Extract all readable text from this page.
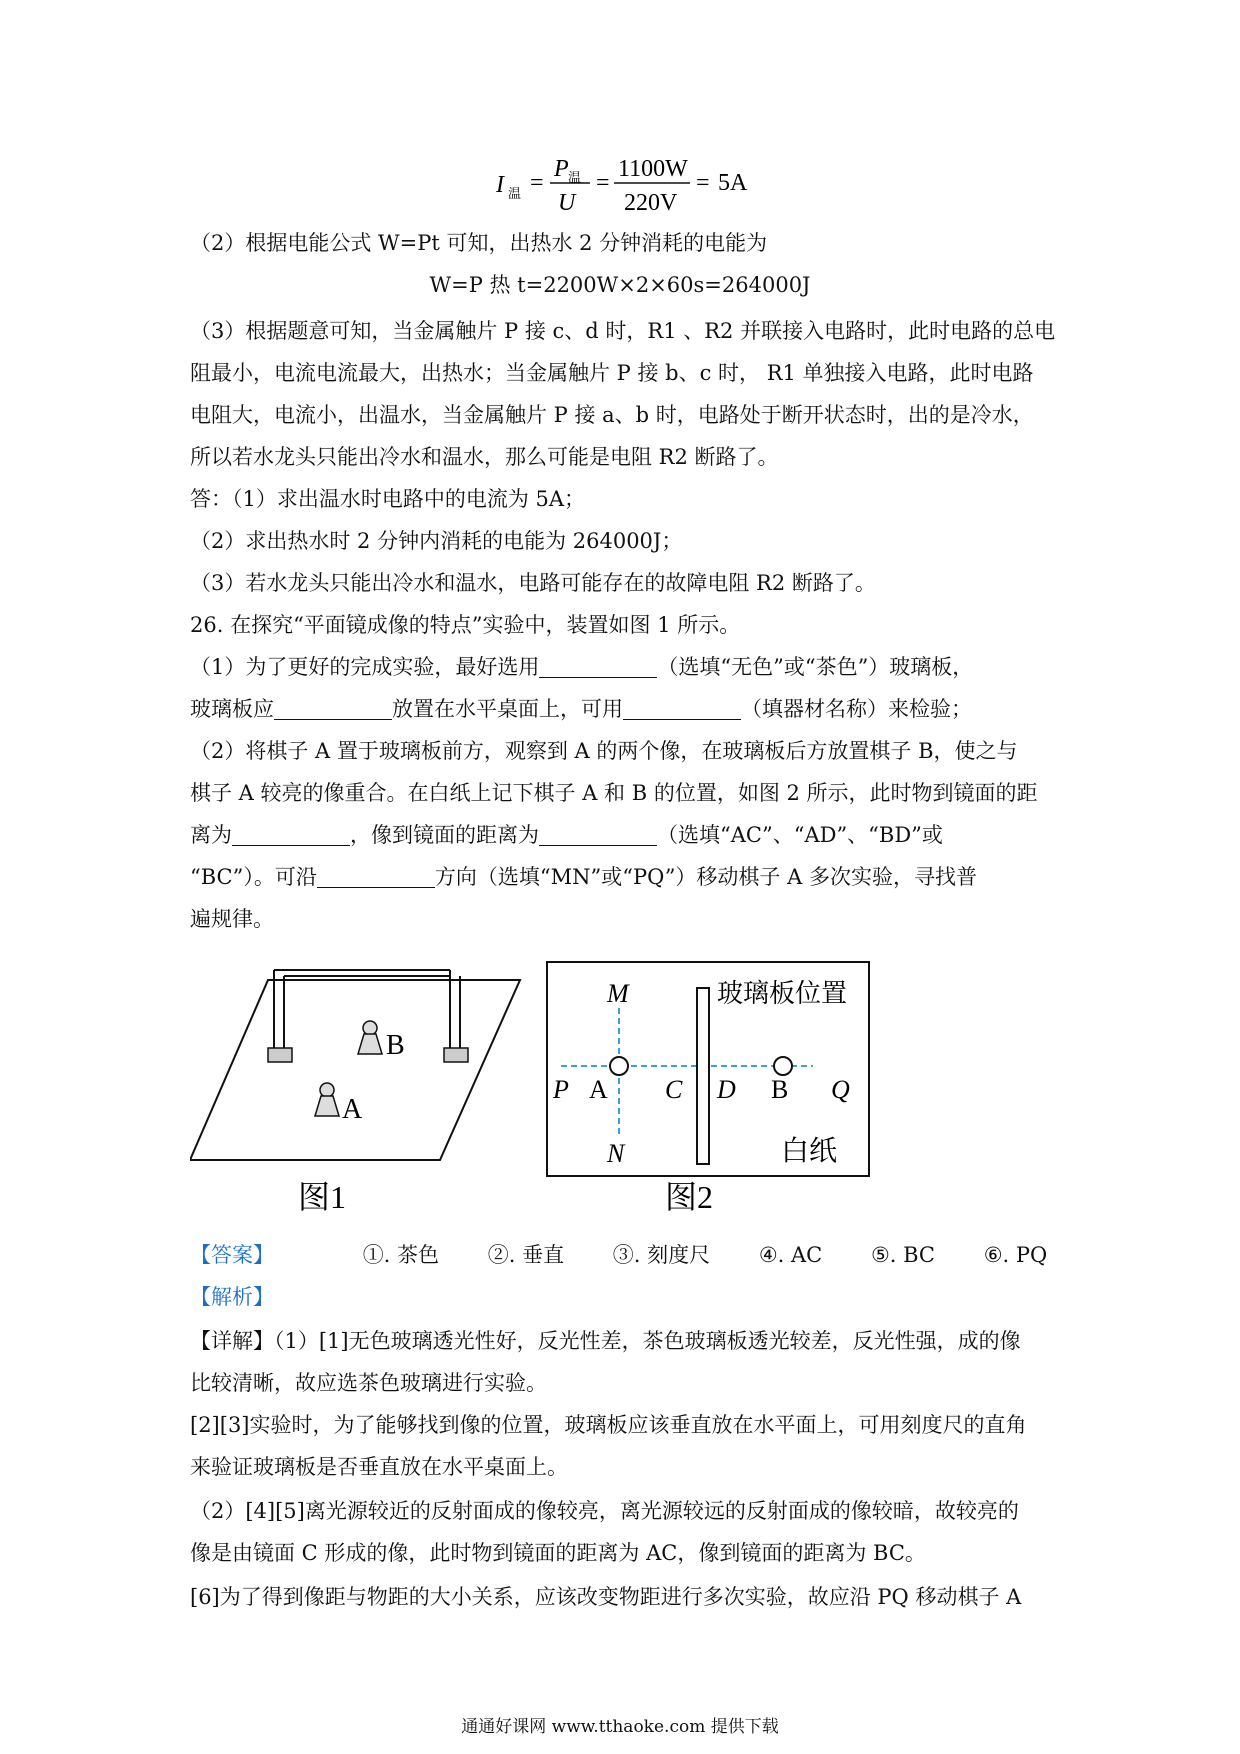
I 温 =
P 温
U
=
1100W
220V
= 5A
（2）根据电能公式 W=Pt 可知，出热水 2 分钟消耗的电能为
W=P 热 t=2200W×2×60s=264000J
（3）根据题意可知，当金属触片 P 接 c、d 时，R1 、R2 并联接入电路时，此时电路的总电
阻最小，电流电流最大，出热水；当金属触片 P 接 b、c 时， R1 单独接入电路，此时电路
电阻大，电流小，出温水，当金属触片 P 接 a、b 时，电路处于断开状态时，出的是冷水，
所以若水龙头只能出冷水和温水，那么可能是电阻 R2 断路了。
答：（1）求出温水时电路中的电流为 5A；
（2）求出热水时 2 分钟内消耗的电能为 264000J；
（3）若水龙头只能出冷水和温水，电路可能存在的故障电阻 R2 断路了。
26. 在探究“平面镜成像的特点”实验中，装置如图 1 所示。
（1）为了更好的完成实验，最好选用	（选填“无色”或“茶色”）玻璃板，
玻璃板应	放置在水平桌面上，可用	（填器材名称）来检验；
（2）将棋子 A 置于玻璃板前方，观察到 A 的两个像，在玻璃板后方放置棋子 B，使之与
棋子 A 较亮的像重合。在白纸上记下棋子 A 和 B 的位置，如图 2 所示，此时物到镜面的距
离为	，像到镜面的距离为	（选填“AC”、“AD”、“BD”或
“BC”）。可沿	方向（选填“MN”或“PQ”）移动棋子 A 多次实验，寻找普
遍规律。
B
A
图1
M	玻璃板位置
P A C D B Q
N	白纸
图2
【答案】	①. 茶色 ②. 垂直 ③. 刻度尺 ④. AC ⑤. BC ⑥. PQ
【解析】
【详解】（1）[1]无色玻璃透光性好，反光性差，茶色玻璃板透光较差，反光性强，成的像
比较清晰，故应选茶色玻璃进行实验。
[2][3]实验时，为了能够找到像的位置，玻璃板应该垂直放在水平面上，可用刻度尺的直角
来验证玻璃板是否垂直放在水平桌面上。
（2）[4][5]离光源较近的反射面成的像较亮，离光源较远的反射面成的像较暗，故较亮的
像是由镜面 C 形成的像，此时物到镜面的距离为 AC，像到镜面的距离为 BC。
[6]为了得到像距与物距的大小关系，应该改变物距进行多次实验，故应沿 PQ 移动棋子 A
通通好课网 www.tthaoke.com 提供下载
